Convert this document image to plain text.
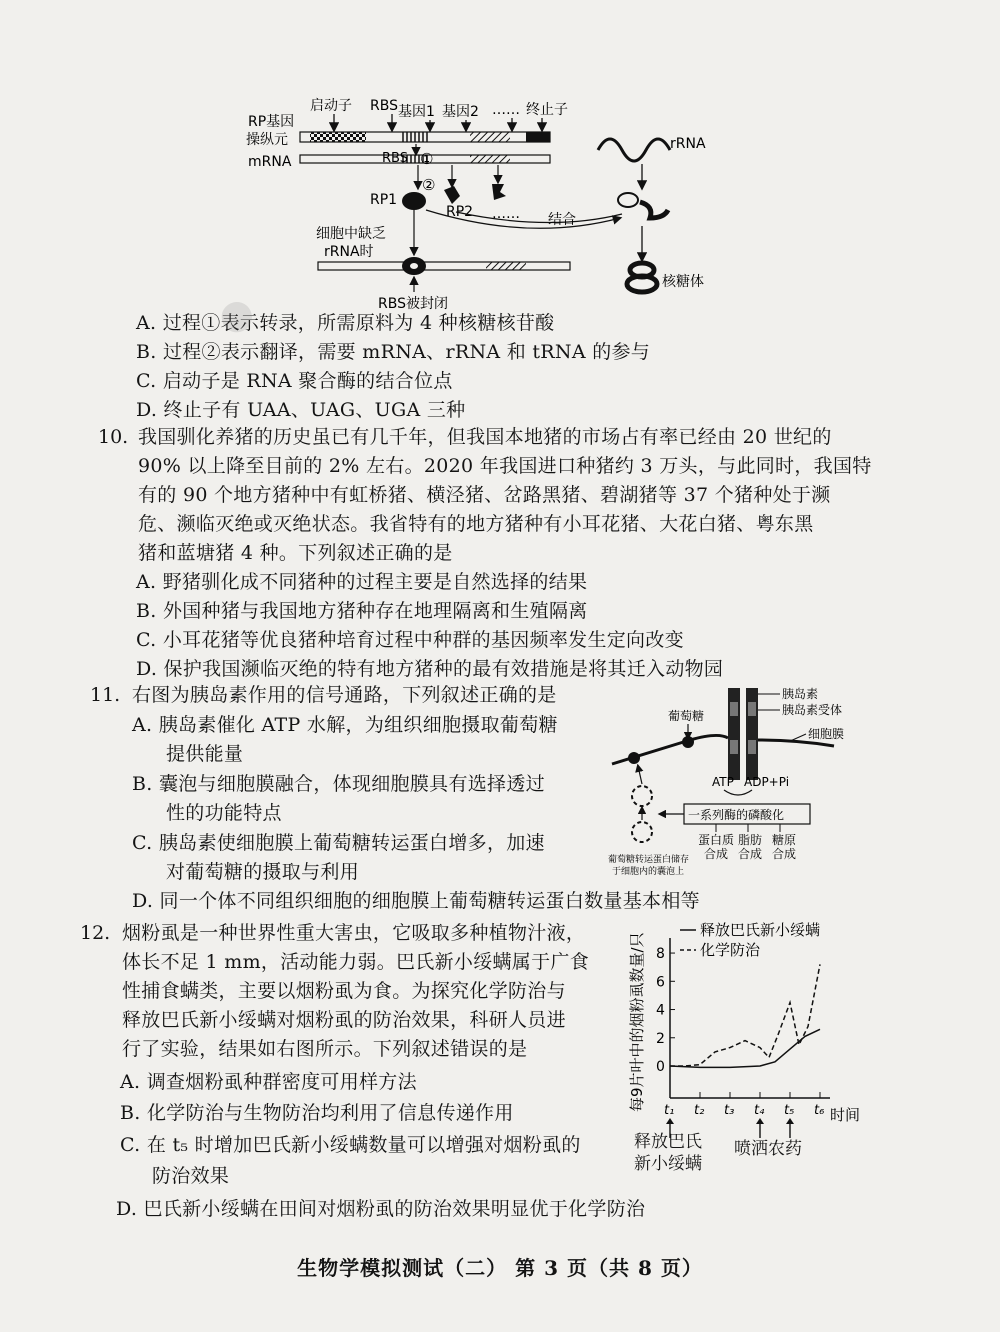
启动子 RBS 基因1 基因2 …… 终止子
RP基因
操纵元
mRNA	RBS ①
②
RP1
RP2 …… 结合
rRNA
核糖体
细胞中缺乏
rRNA时
RBS被封闭
A. 过程①表示转录，所需原料为 4 种核糖核苷酸
B. 过程②表示翻译，需要 mRNA、rRNA 和 tRNA 的参与
C. 启动子是 RNA 聚合酶的结合位点
D. 终止子有 UAA、UAG、UGA 三种
10. 我国驯化养猪的历史虽已有几千年，但我国本地猪的市场占有率已经由 20 世纪的
90% 以上降至目前的 2% 左右。2020 年我国进口种猪约 3 万头，与此同时，我国特
有的 90 个地方猪种中有虹桥猪、横泾猪、岔路黑猪、碧湖猪等 37 个猪种处于濒
危、濒临灭绝或灭绝状态。我省特有的地方猪种有小耳花猪、大花白猪、粤东黑
猪和蓝塘猪 4 种。下列叙述正确的是
A. 野猪驯化成不同猪种的过程主要是自然选择的结果
B. 外国种猪与我国地方猪种存在地理隔离和生殖隔离
C. 小耳花猪等优良猪种培育过程中种群的基因频率发生定向改变
D. 保护我国濒临灭绝的特有地方猪种的最有效措施是将其迁入动物园
11. 右图为胰岛素作用的信号通路，下列叙述正确的是
A. 胰岛素催化 ATP 水解，为组织细胞摄取葡萄糖
提供能量
B. 囊泡与细胞膜融合，体现细胞膜具有选择透过
性的功能特点
C. 胰岛素使细胞膜上葡萄糖转运蛋白增多，加速
对葡萄糖的摄取与利用
D. 同一个体不同组织细胞的细胞膜上葡萄糖转运蛋白数量基本相等
胰岛素
胰岛素受体
细胞膜
葡萄糖
ATP ADP+Pi
一系列酶的磷酸化
蛋白质
合成
脂肪
合成
糖原
合成
葡萄糖转运蛋白储存
于细胞内的囊泡上
12. 烟粉虱是一种世界性重大害虫，它吸取多种植物汁液，
体长不足 1 mm，活动能力弱。巴氏新小绥螨属于广食
性捕食螨类，主要以烟粉虱为食。为探究化学防治与
释放巴氏新小绥螨对烟粉虱的防治效果，科研人员进
行了实验，结果如右图所示。下列叙述错误的是
A. 调查烟粉虱种群密度可用样方法
B. 化学防治与生物防治均利用了信息传递作用
C. 在 t₅ 时增加巴氏新小绥螨数量可以增强对烟粉虱的
防治效果
D. 巴氏新小绥螨在田间对烟粉虱的防治效果明显优于化学防治
每9片叶中的烟粉虱数量/只
释放巴氏新小绥螨
化学防治
0
2
4
6
8
t₁ t₂ t₃ t₄ t₅ t₆ 时间
释放巴氏
新小绥螨
喷洒农药
生物学模拟测试（二） 第 3 页（共 8 页）
•
